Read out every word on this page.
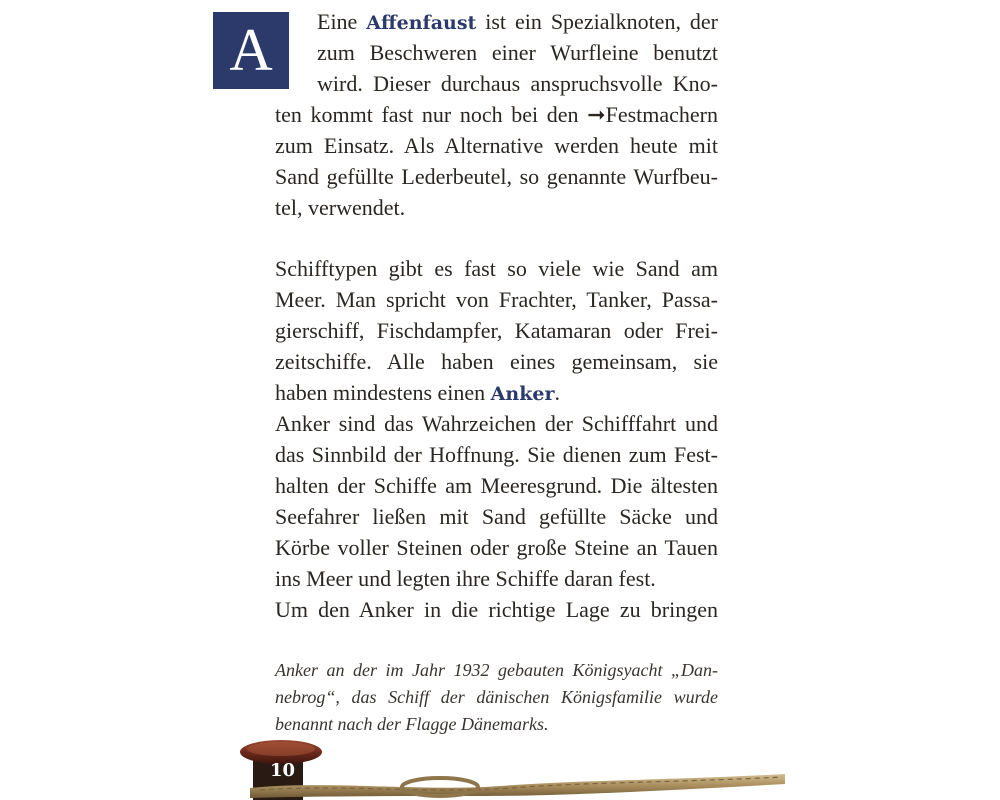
A	Eine Affenfaust ist ein Spezialknoten, der
zum Beschweren einer Wurfleine benutzt
wird. Dieser durchaus anspruchsvolle Kno-
ten kommt fast nur noch bei den ➞Festmachern
zum Einsatz. Als Alternative werden heute mit
Sand gefüllte Lederbeutel, so genannte Wurfbeu-
tel, verwendet.
Schifftypen gibt es fast so viele wie Sand am
Meer. Man spricht von Frachter, Tanker, Passa-
gierschiff, Fischdampfer, Katamaran oder Frei-
zeitschiffe. Alle haben eines gemeinsam, sie
haben mindestens einen Anker.
Anker sind das Wahrzeichen der Schifffahrt und
das Sinnbild der Hoffnung. Sie dienen zum Fest-
halten der Schiffe am Meeresgrund. Die ältesten
Seefahrer ließen mit Sand gefüllte Säcke und
Körbe voller Steinen oder große Steine an Tauen
ins Meer und legten ihre Schiffe daran fest.
Um den Anker in die richtige Lage zu bringen
Anker an der im Jahr 1932 gebauten Königsyacht „Dan-
nebrog“, das Schiff der dänischen Königsfamilie wurde
benannt nach der Flagge Dänemarks.
10
